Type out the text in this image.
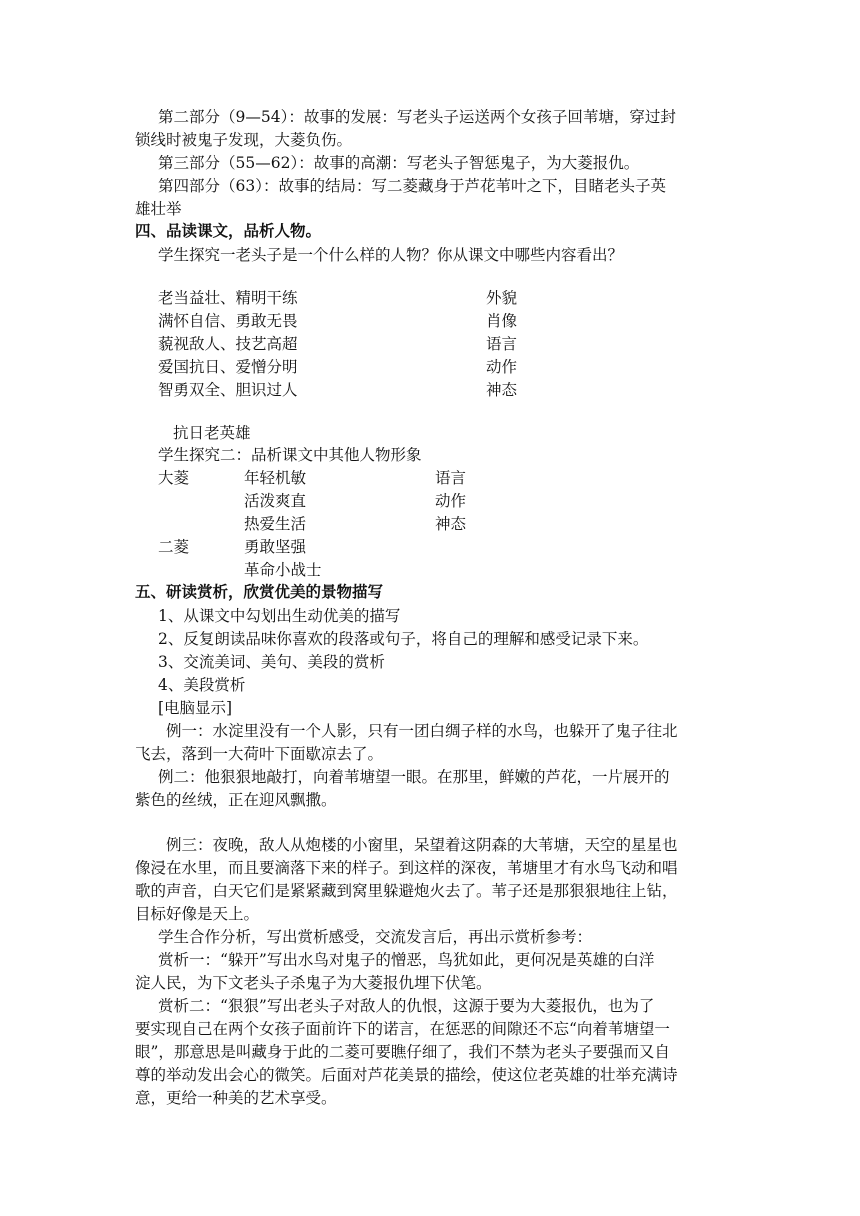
第二部分（9—54）：故事的发展：写老头子运送两个女孩子回苇塘，穿过封
锁线时被鬼子发现，大菱负伤。
第三部分（55—62）：故事的高潮：写老头子智惩鬼子，为大菱报仇。
第四部分（63）：故事的结局：写二菱藏身于芦花苇叶之下，目睹老头子英
雄壮举
四、品读课文，品析人物。
学生探究一老头子是一个什么样的人物？你从课文中哪些内容看出？
老当益壮、精明干练
满怀自信、勇敢无畏
藐视敌人、技艺高超
爱国抗日、爱憎分明
智勇双全、胆识过人
外貌
肖像
语言
动作
神态
抗日老英雄
学生探究二：品析课文中其他人物形象
大菱	年轻机敏
活泼爽直
热爱生活
语言
动作
神态
二菱	勇敢坚强
革命小战士
五、研读赏析，欣赏优美的景物描写
1、从课文中勾划出生动优美的描写
2、反复朗读品味你喜欢的段落或句子，将自己的理解和感受记录下来。
3、交流美词、美句、美段的赏析
4、美段赏析
[电脑显示]
例一：水淀里没有一个人影，只有一团白绸子样的水鸟，也躲开了鬼子往北
飞去，落到一大荷叶下面歇凉去了。
例二：他狠狠地敲打，向着苇塘望一眼。在那里，鲜嫩的芦花，一片展开的
紫色的丝绒，正在迎风飘撒。
例三：夜晚，敌人从炮楼的小窗里，呆望着这阴森的大苇塘，天空的星星也
像浸在水里，而且要滴落下来的样子。到这样的深夜，苇塘里才有水鸟飞动和唱
歌的声音，白天它们是紧紧藏到窝里躲避炮火去了。苇子还是那狠狠地往上钻，
目标好像是天上。
学生合作分析，写出赏析感受，交流发言后，再出示赏析参考：
赏析一：“躲开”写出水鸟对鬼子的憎恶，鸟犹如此，更何况是英雄的白洋
淀人民，为下文老头子杀鬼子为大菱报仇埋下伏笔。
赏析二：“狠狠”写出老头子对敌人的仇恨，这源于要为大菱报仇，也为了
要实现自己在两个女孩子面前许下的诺言，在惩恶的间隙还不忘“向着苇塘望一
眼”，那意思是叫藏身于此的二菱可要瞧仔细了，我们不禁为老头子要强而又自
尊的举动发出会心的微笑。后面对芦花美景的描绘，使这位老英雄的壮举充满诗
意，更给一种美的艺术享受。
